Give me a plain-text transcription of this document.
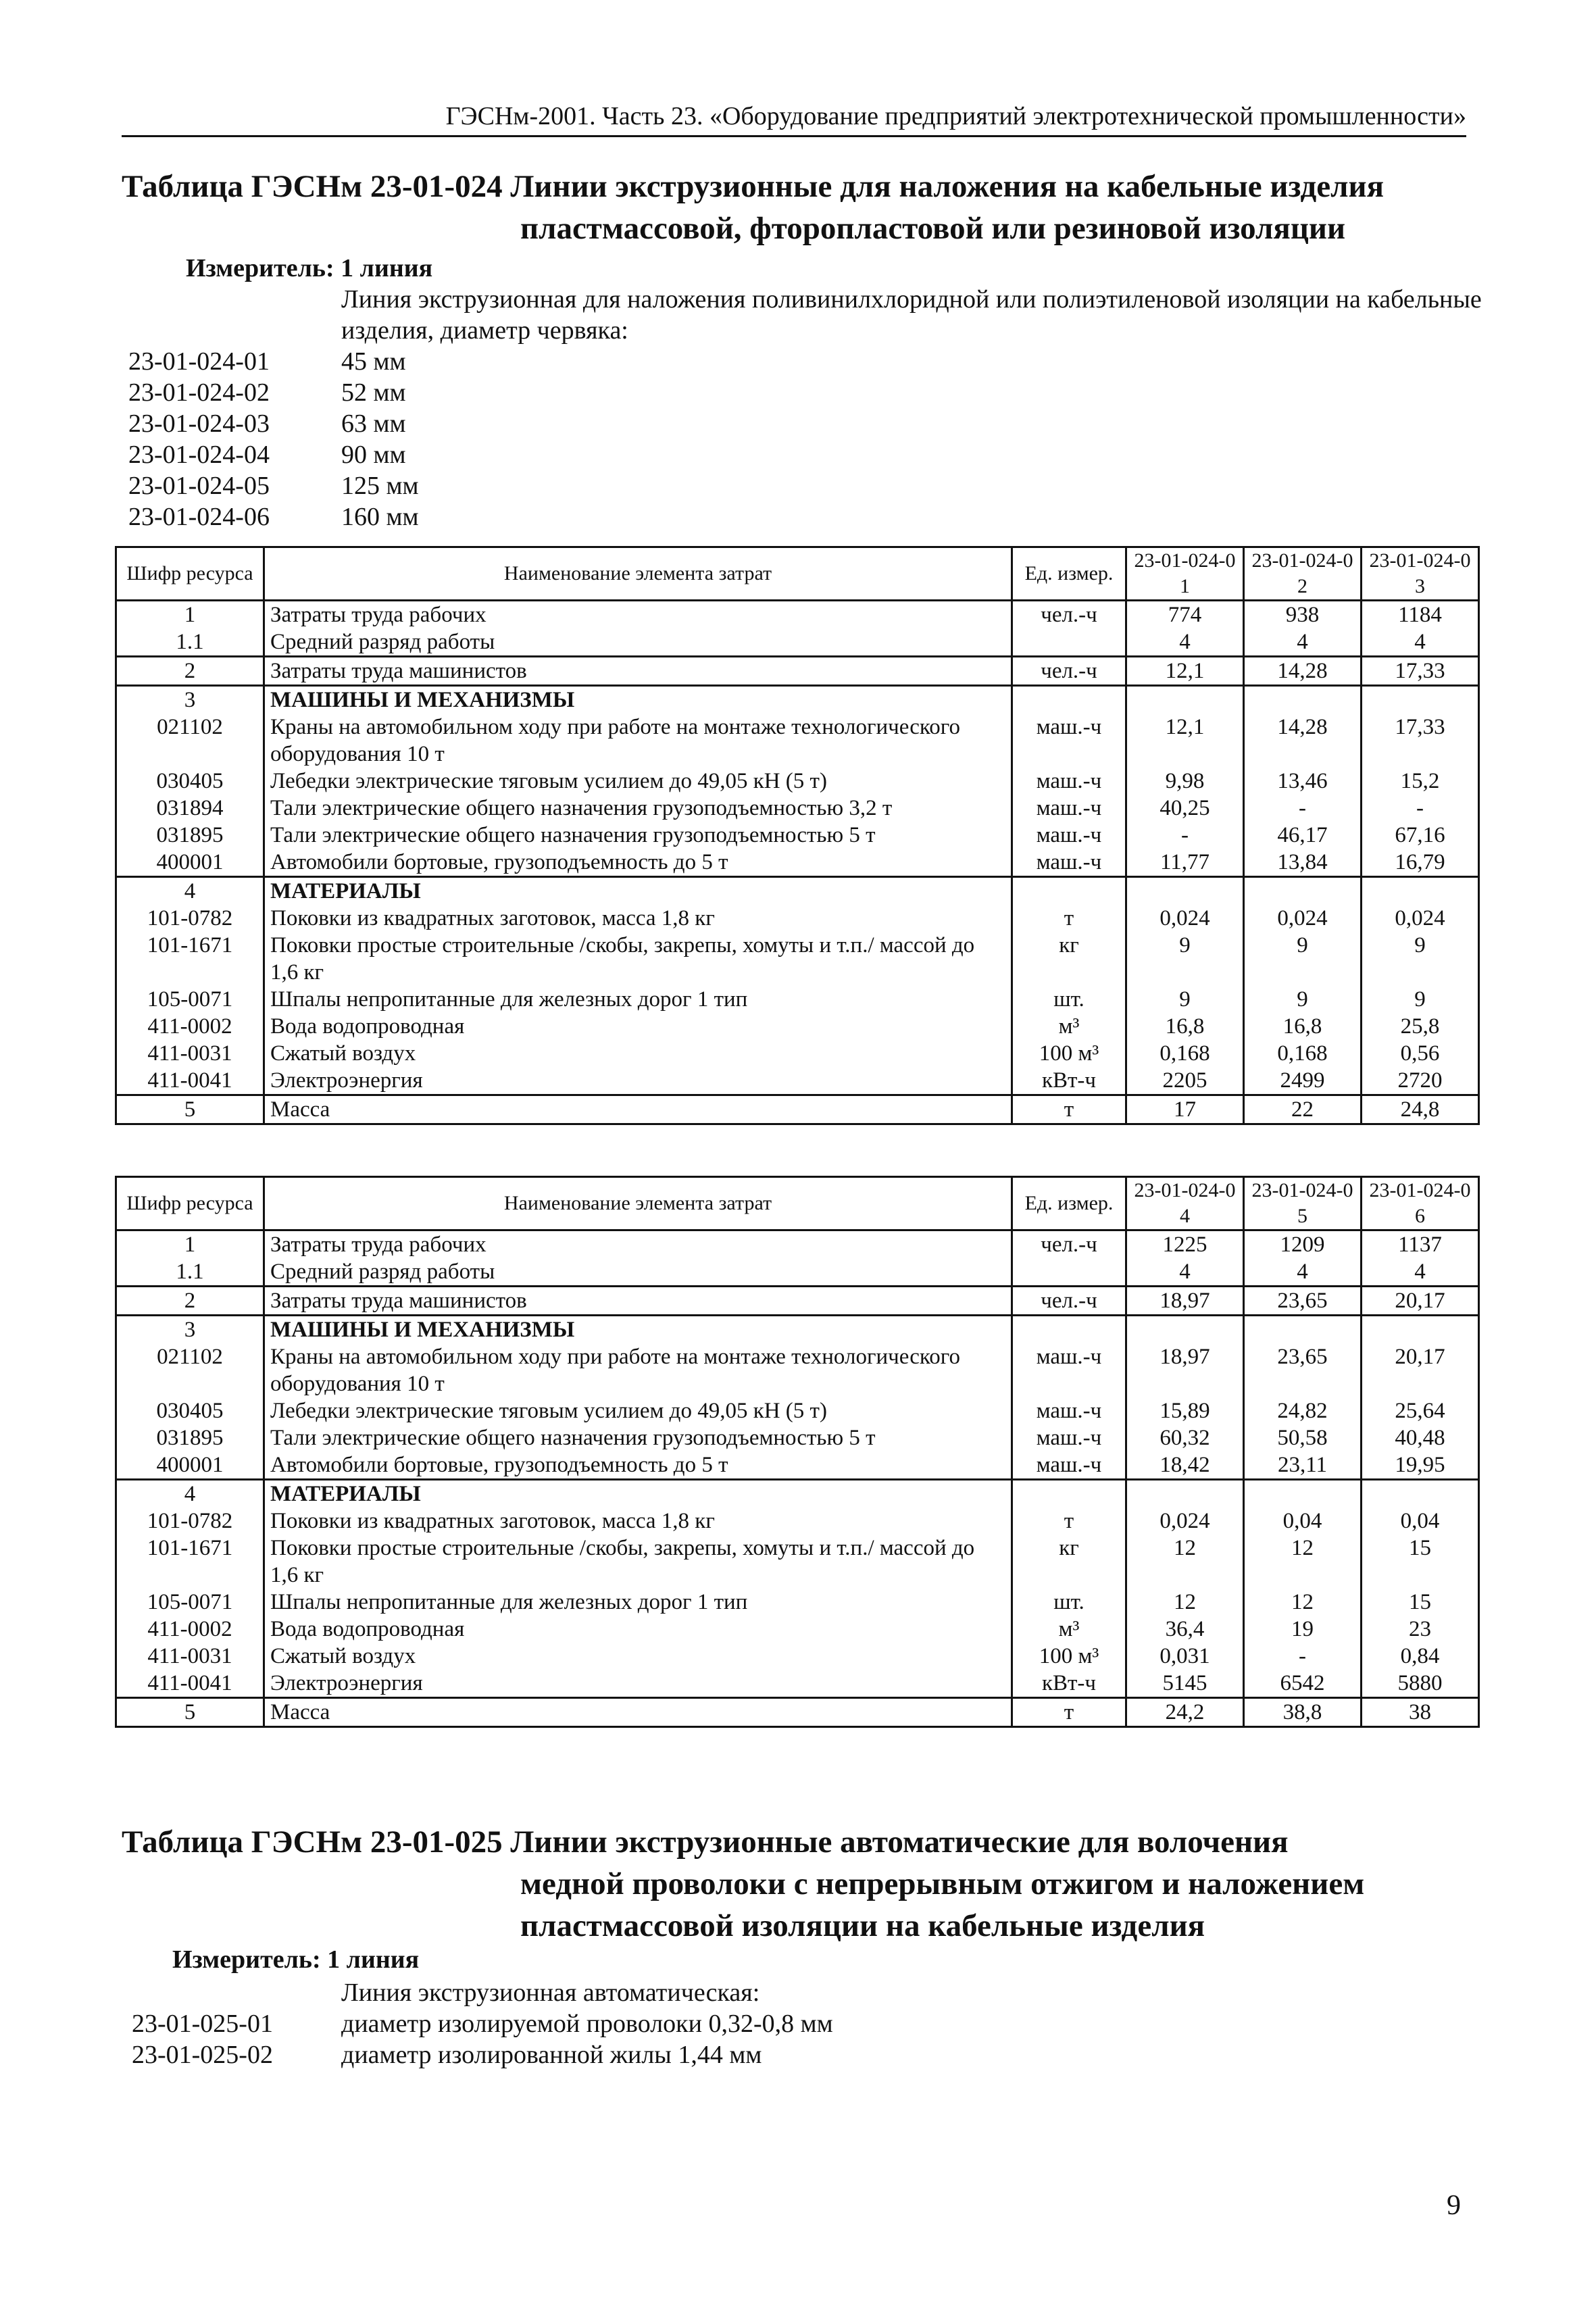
ГЭСНм-2001. Часть 23. «Оборудование предприятий электротехнической промышленности»
Таблица ГЭСНм 23-01-024 Линии экструзионные для наложения на кабельные изделия
пластмассовой, фторопластовой или резиновой изоляции
Измеритель: 1 линия
Линия экструзионная для наложения поливинилхлоридной или полиэтиленовой изоляции на кабельные изделия, диаметр червяка:
23-01-024-01	45 мм
23-01-024-02	52 мм
23-01-024-03	63 мм
23-01-024-04	90 мм
23-01-024-05	125 мм
23-01-024-06	160 мм
Шифр ресурса	Наименование элемента затрат	Ед. измер.	23-01-024-01	23-01-024-02	23-01-024-03
1	Затраты труда рабочих	чел.-ч	774	938	1184
1.1	Средний разряд работы		4	4	4
2	Затраты труда машинистов	чел.-ч	12,1	14,28	17,33
3	МАШИНЫ И МЕХАНИЗМЫ				
021102	Краны на автомобильном ходу при работе на монтаже технологического оборудования 10 т	маш.-ч	12,1	14,28	17,33
030405	Лебедки электрические тяговым усилием до 49,05 кН (5 т)	маш.-ч	9,98	13,46	15,2
031894	Тали электрические общего назначения грузоподъемностью 3,2 т	маш.-ч	40,25	-	-
031895	Тали электрические общего назначения грузоподъемностью 5 т	маш.-ч	-	46,17	67,16
400001	Автомобили бортовые, грузоподъемность до 5 т	маш.-ч	11,77	13,84	16,79
4	МАТЕРИАЛЫ				
101-0782	Поковки из квадратных заготовок, масса 1,8 кг	т	0,024	0,024	0,024
101-1671	Поковки простые строительные /скобы, закрепы, хомуты и т.п./ массой до 1,6 кг	кг	9	9	9
105-0071	Шпалы непропитанные для железных дорог 1 тип	шт.	9	9	9
411-0002	Вода водопроводная	м³	16,8	16,8	25,8
411-0031	Сжатый воздух	100 м³	0,168	0,168	0,56
411-0041	Электроэнергия	кВт-ч	2205	2499	2720
5	Масса	т	17	22	24,8
Шифр ресурса	Наименование элемента затрат	Ед. измер.	23-01-024-04	23-01-024-05	23-01-024-06
1	Затраты труда рабочих	чел.-ч	1225	1209	1137
1.1	Средний разряд работы		4	4	4
2	Затраты труда машинистов	чел.-ч	18,97	23,65	20,17
3	МАШИНЫ И МЕХАНИЗМЫ				
021102	Краны на автомобильном ходу при работе на монтаже технологического оборудования 10 т	маш.-ч	18,97	23,65	20,17
030405	Лебедки электрические тяговым усилием до 49,05 кН (5 т)	маш.-ч	15,89	24,82	25,64
031895	Тали электрические общего назначения грузоподъемностью 5 т	маш.-ч	60,32	50,58	40,48
400001	Автомобили бортовые, грузоподъемность до 5 т	маш.-ч	18,42	23,11	19,95
4	МАТЕРИАЛЫ				
101-0782	Поковки из квадратных заготовок, масса 1,8 кг	т	0,024	0,04	0,04
101-1671	Поковки простые строительные /скобы, закрепы, хомуты и т.п./ массой до 1,6 кг	кг	12	12	15
105-0071	Шпалы непропитанные для железных дорог 1 тип	шт.	12	12	15
411-0002	Вода водопроводная	м³	36,4	19	23
411-0031	Сжатый воздух	100 м³	0,031	-	0,84
411-0041	Электроэнергия	кВт-ч	5145	6542	5880
5	Масса	т	24,2	38,8	38
Таблица ГЭСНм 23-01-025 Линии экструзионные автоматические для волочения
медной проволоки с непрерывным отжигом и наложением
пластмассовой изоляции на кабельные изделия
Измеритель: 1 линия
Линия экструзионная автоматическая:
23-01-025-01	диаметр изолируемой проволоки 0,32-0,8 мм
23-01-025-02	диаметр изолированной жилы 1,44 мм
9
